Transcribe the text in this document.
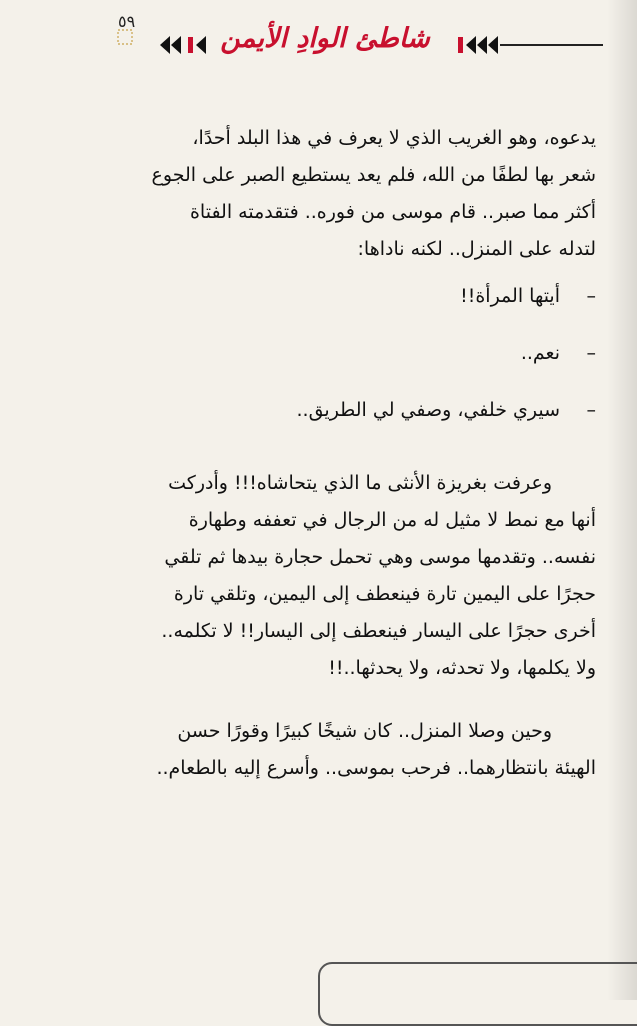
٥٩
شاطئ الوادِ الأيمن
يدعوه، وهو الغريب الذي لا يعرف في هذا البلد أحدًا،
شعر بها لطفًا من الله، فلم يعد يستطيع الصبر على الجوع
أكثر مما صبر.. قام موسى من فوره.. فتقدمته الفتاة
لتدله على المنزل.. لكنه ناداها:
–
أيتها المرأة!!
–
نعم..
–
سيري خلفي، وصفي لي الطريق..
وعرفت بغريزة الأنثى ما الذي يتحاشاه!!! وأدركت
أنها مع نمط لا مثيل له من الرجال في تعففه وطهارة
نفسه.. وتقدمها موسى وهي تحمل حجارة بيدها ثم تلقي
حجرًا على اليمين تارة فينعطف إلى اليمين، وتلقي تارة
أخرى حجرًا على اليسار فينعطف إلى اليسار!! لا تكلمه..
ولا يكلمها، ولا تحدثه، ولا يحدثها..!!
وحين وصلا المنزل.. كان شيخًا كبيرًا وقورًا حسن
الهيئة بانتظارهما.. فرحب بموسى.. وأسرع إليه بالطعام..
